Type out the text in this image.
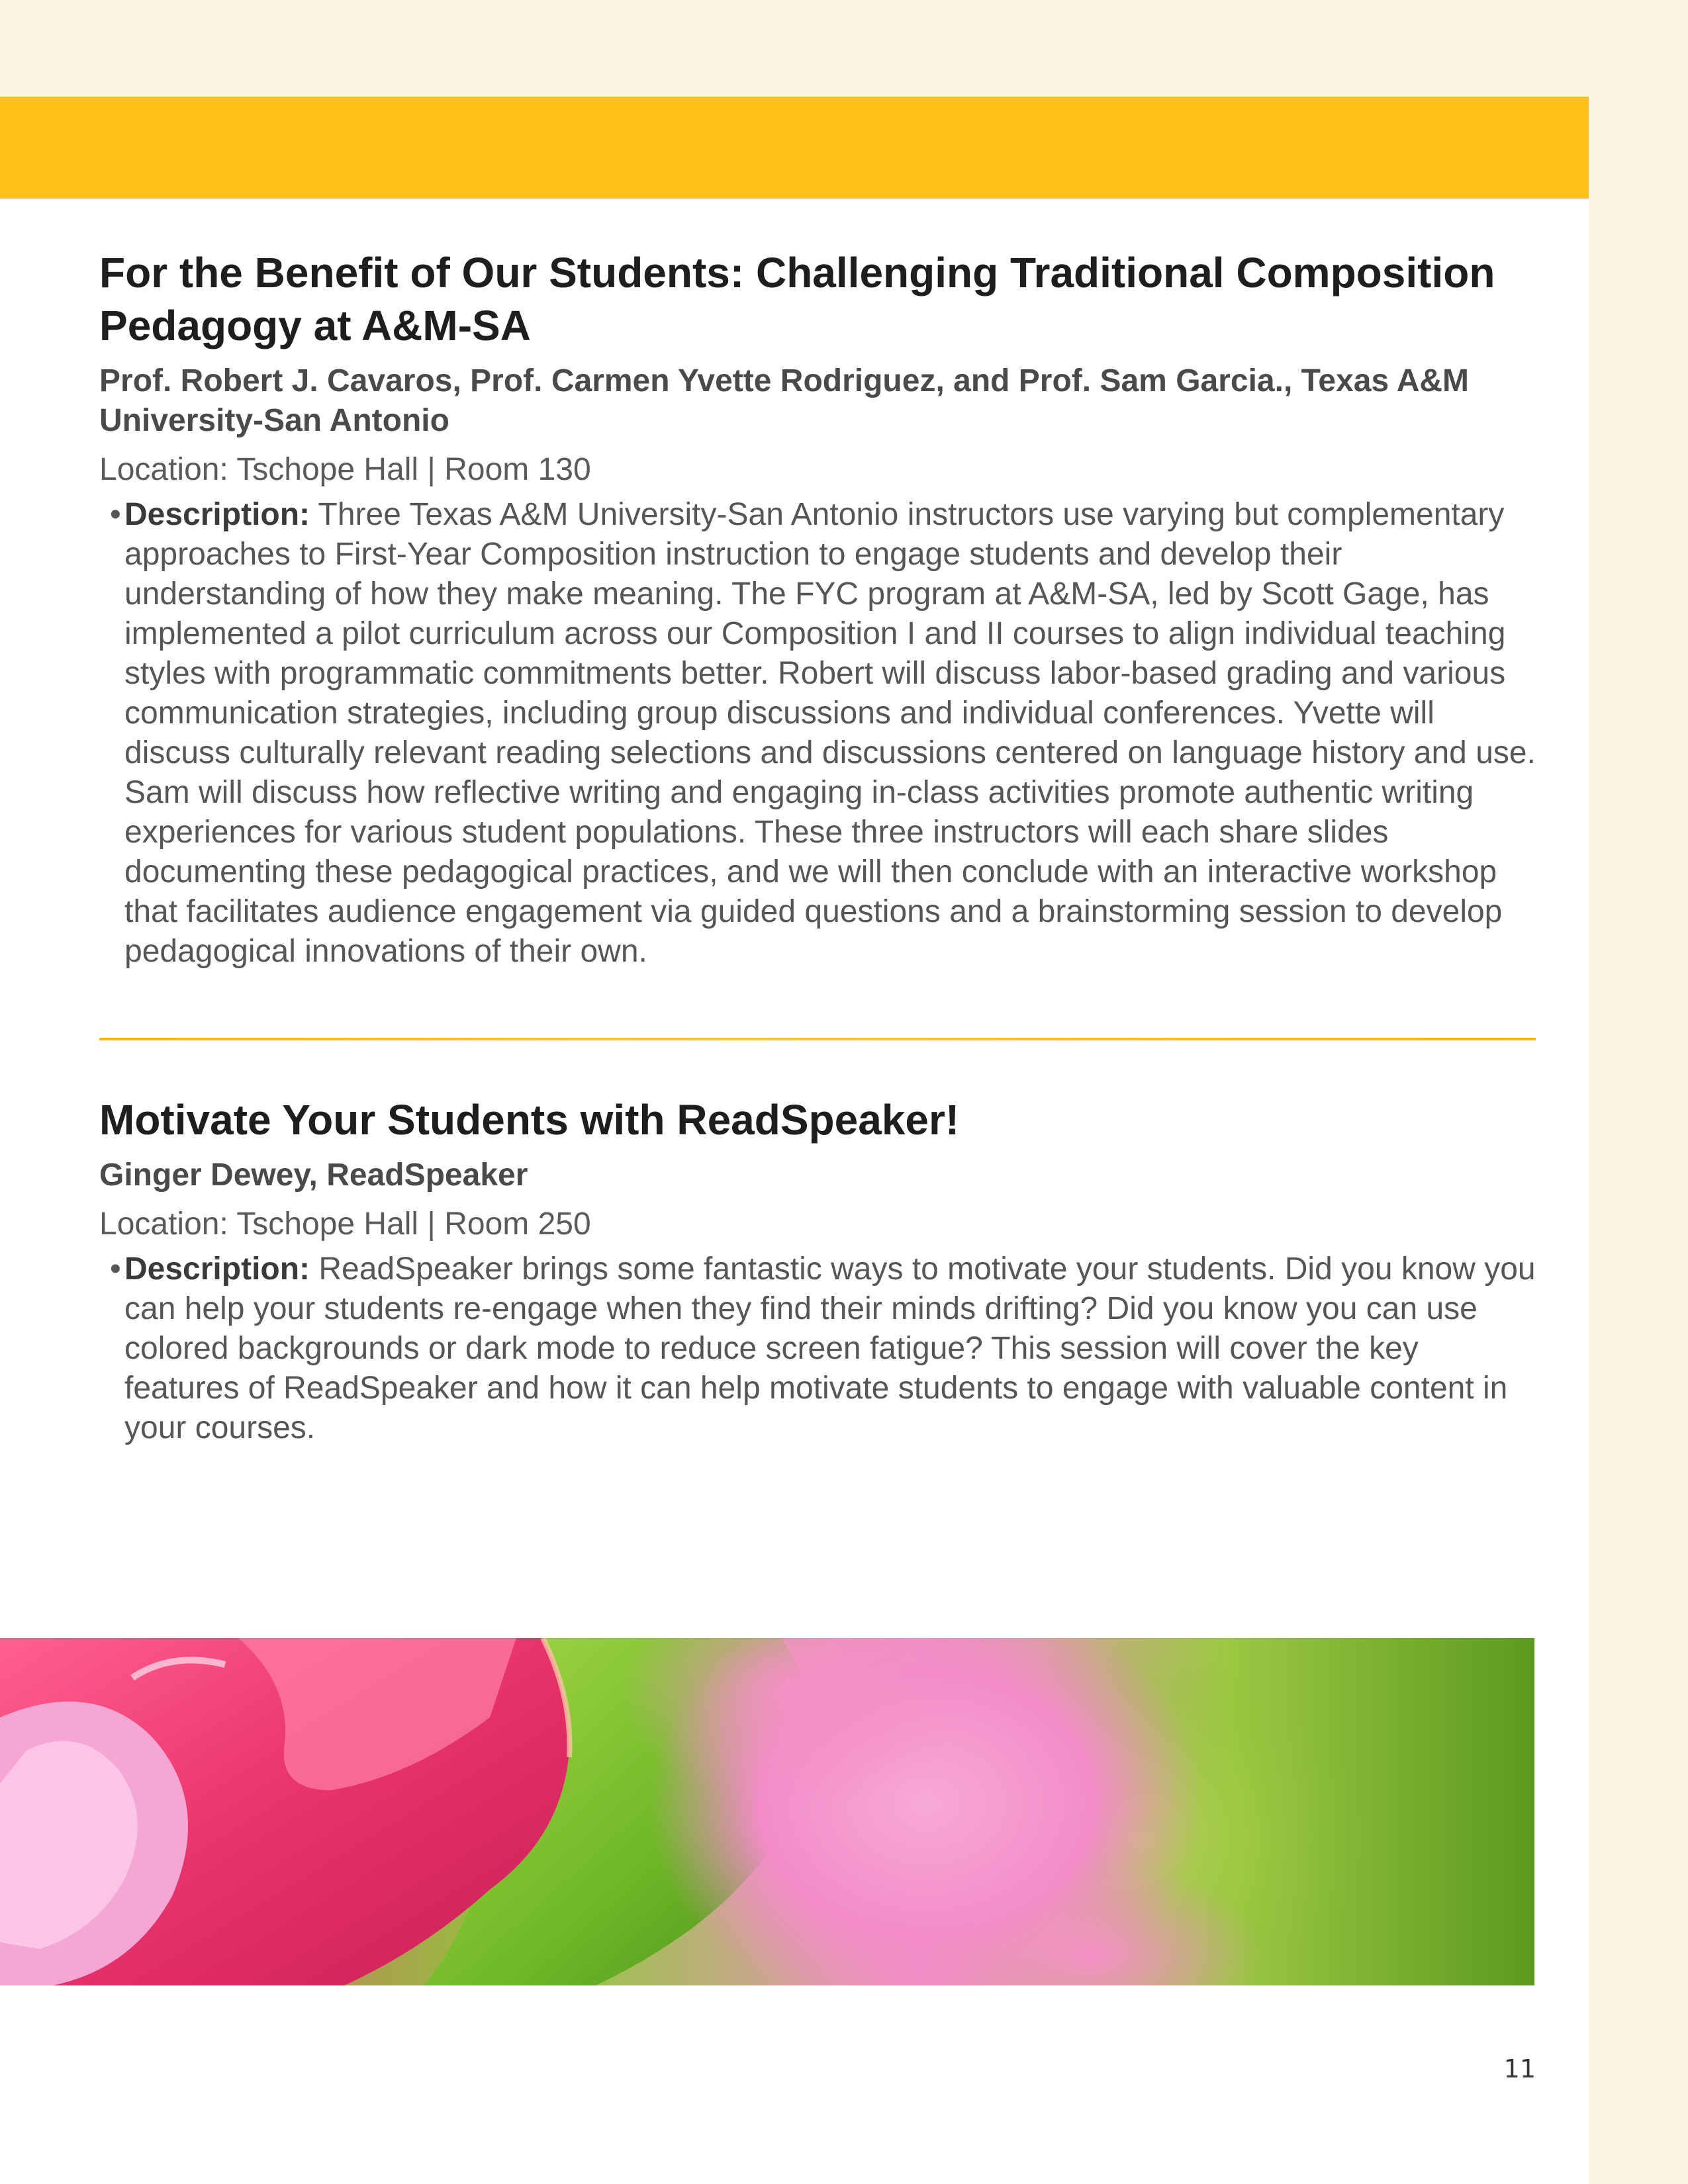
For the Benefit of Our Students: Challenging Traditional Composition Pedagogy at A&M-SA

Prof. Robert J. Cavaros, Prof. Carmen Yvette Rodriguez, and Prof. Sam Garcia., Texas A&M University-San Antonio

Location: Tschope Hall | Room 130

• Description: Three Texas A&M University-San Antonio instructors use varying but complementary approaches to First-Year Composition instruction to engage students and develop their understanding of how they make meaning. The FYC program at A&M-SA, led by Scott Gage, has implemented a pilot curriculum across our Composition I and II courses to align individual teaching styles with programmatic commitments better. Robert will discuss labor-based grading and various communication strategies, including group discussions and individual conferences. Yvette will discuss culturally relevant reading selections and discussions centered on language history and use. Sam will discuss how reflective writing and engaging in-class activities promote authentic writing experiences for various student populations. These three instructors will each share slides documenting these pedagogical practices, and we will then conclude with an interactive workshop that facilitates audience engagement via guided questions and a brainstorming session to develop pedagogical innovations of their own.

Motivate Your Students with ReadSpeaker!

Ginger Dewey, ReadSpeaker

Location: Tschope Hall | Room 250

• Description: ReadSpeaker brings some fantastic ways to motivate your students. Did you know you can help your students re-engage when they find their minds drifting? Did you know you can use colored backgrounds or dark mode to reduce screen fatigue? This session will cover the key features of ReadSpeaker and how it can help motivate students to engage with valuable content in your courses.

11
